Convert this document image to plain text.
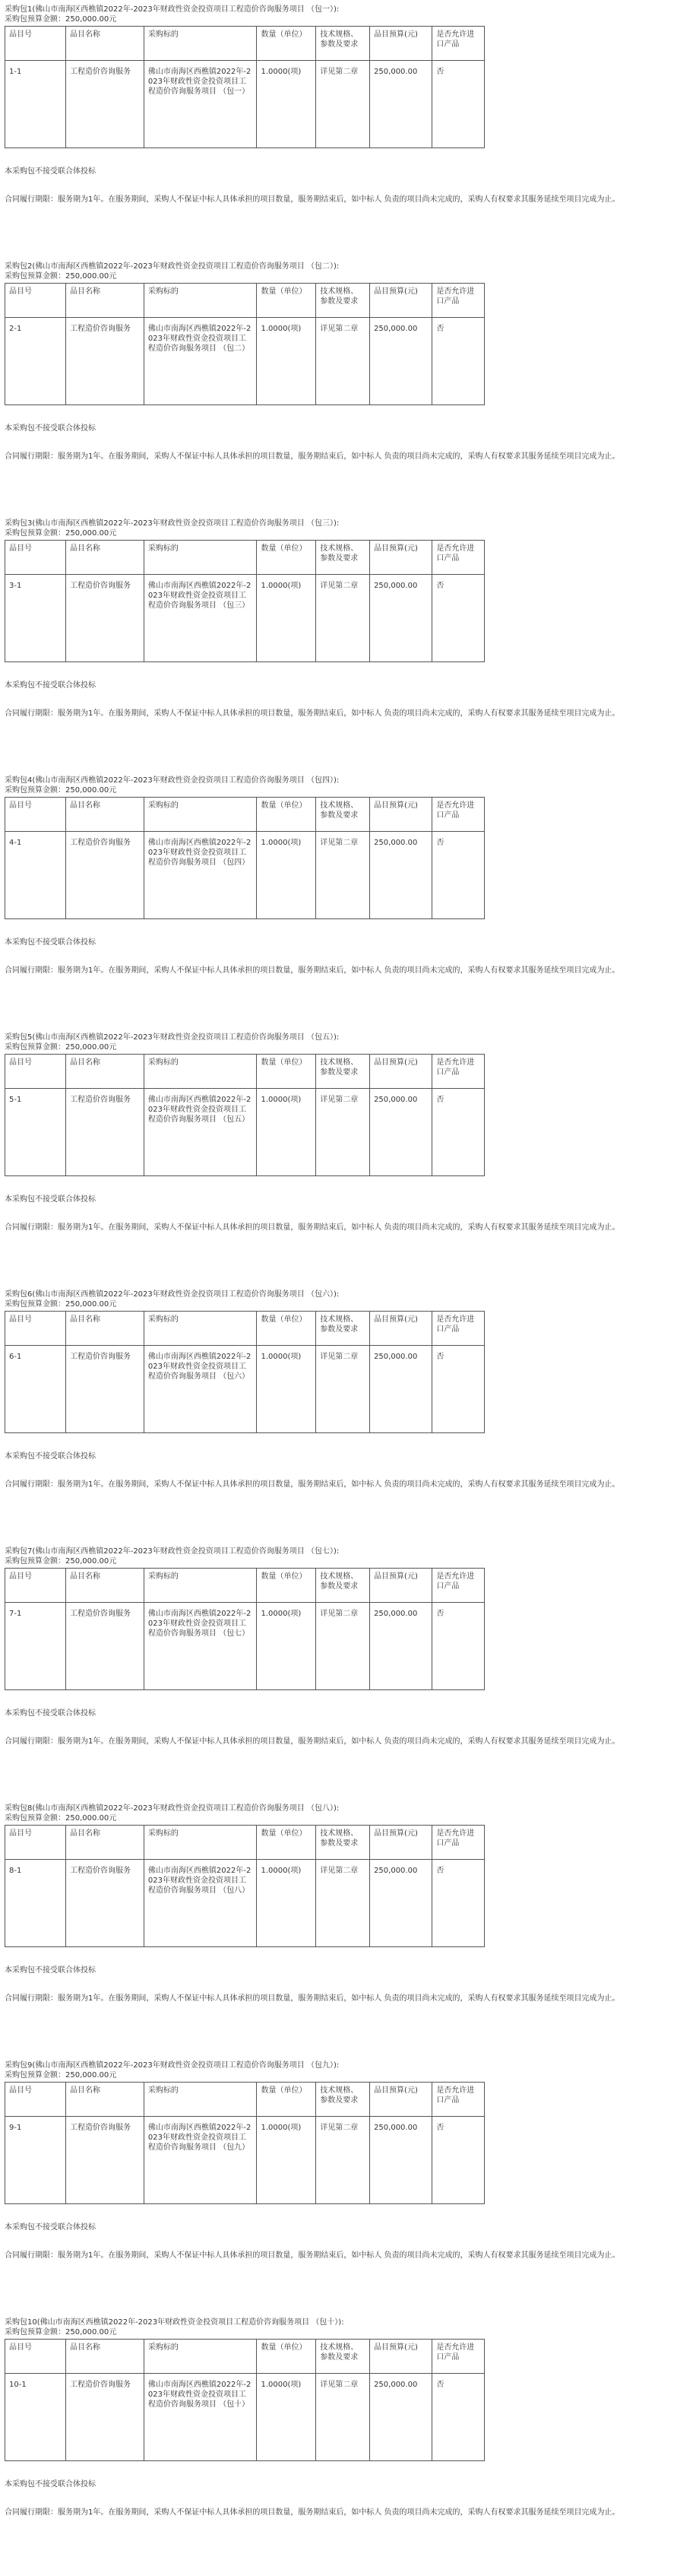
采购包1(佛山市南海区西樵镇2022年-2023年财政性资金投资项目工程造价咨询服务项目 （包一）):
采购包预算金额：250,000.00元
品目号	品目名称	采购标的	数量（单位）	技术规格、参数及要求	品目预算(元)	是否允许进口产品
1-1	工程造价咨询服务	佛山市南海区西樵镇2022年-2023年财政性资金投资项目工程造价咨询服务项目 （包一）	1.0000(项)	详见第二章	250,000.00	否
本采购包不接受联合体投标
合同履行期限：服务期为1年。在服务期间，采购人不保证中标人具体承担的项目数量，服务期结束后，如中标人 负责的项目尚未完成的，采购人有权要求其服务延续至项目完成为止。
采购包2(佛山市南海区西樵镇2022年-2023年财政性资金投资项目工程造价咨询服务项目 （包二）):
采购包预算金额：250,000.00元
品目号	品目名称	采购标的	数量（单位）	技术规格、参数及要求	品目预算(元)	是否允许进口产品
2-1	工程造价咨询服务	佛山市南海区西樵镇2022年-2023年财政性资金投资项目工程造价咨询服务项目 （包二）	1.0000(项)	详见第二章	250,000.00	否
本采购包不接受联合体投标
合同履行期限：服务期为1年。在服务期间，采购人不保证中标人具体承担的项目数量，服务期结束后，如中标人 负责的项目尚未完成的，采购人有权要求其服务延续至项目完成为止。
采购包3(佛山市南海区西樵镇2022年-2023年财政性资金投资项目工程造价咨询服务项目 （包三）):
采购包预算金额：250,000.00元
品目号	品目名称	采购标的	数量（单位）	技术规格、参数及要求	品目预算(元)	是否允许进口产品
3-1	工程造价咨询服务	佛山市南海区西樵镇2022年-2023年财政性资金投资项目工程造价咨询服务项目 （包三）	1.0000(项)	详见第二章	250,000.00	否
本采购包不接受联合体投标
合同履行期限：服务期为1年。在服务期间，采购人不保证中标人具体承担的项目数量，服务期结束后，如中标人 负责的项目尚未完成的，采购人有权要求其服务延续至项目完成为止。
采购包4(佛山市南海区西樵镇2022年-2023年财政性资金投资项目工程造价咨询服务项目 （包四）):
采购包预算金额：250,000.00元
品目号	品目名称	采购标的	数量（单位）	技术规格、参数及要求	品目预算(元)	是否允许进口产品
4-1	工程造价咨询服务	佛山市南海区西樵镇2022年-2023年财政性资金投资项目工程造价咨询服务项目 （包四）	1.0000(项)	详见第二章	250,000.00	否
本采购包不接受联合体投标
合同履行期限：服务期为1年。在服务期间，采购人不保证中标人具体承担的项目数量，服务期结束后，如中标人 负责的项目尚未完成的，采购人有权要求其服务延续至项目完成为止。
采购包5(佛山市南海区西樵镇2022年-2023年财政性资金投资项目工程造价咨询服务项目 （包五）):
采购包预算金额：250,000.00元
品目号	品目名称	采购标的	数量（单位）	技术规格、参数及要求	品目预算(元)	是否允许进口产品
5-1	工程造价咨询服务	佛山市南海区西樵镇2022年-2023年财政性资金投资项目工程造价咨询服务项目 （包五）	1.0000(项)	详见第二章	250,000.00	否
本采购包不接受联合体投标
合同履行期限：服务期为1年。在服务期间，采购人不保证中标人具体承担的项目数量，服务期结束后，如中标人 负责的项目尚未完成的，采购人有权要求其服务延续至项目完成为止。
采购包6(佛山市南海区西樵镇2022年-2023年财政性资金投资项目工程造价咨询服务项目 （包六）):
采购包预算金额：250,000.00元
品目号	品目名称	采购标的	数量（单位）	技术规格、参数及要求	品目预算(元)	是否允许进口产品
6-1	工程造价咨询服务	佛山市南海区西樵镇2022年-2023年财政性资金投资项目工程造价咨询服务项目 （包六）	1.0000(项)	详见第二章	250,000.00	否
本采购包不接受联合体投标
合同履行期限：服务期为1年。在服务期间，采购人不保证中标人具体承担的项目数量，服务期结束后，如中标人 负责的项目尚未完成的，采购人有权要求其服务延续至项目完成为止。
采购包7(佛山市南海区西樵镇2022年-2023年财政性资金投资项目工程造价咨询服务项目 （包七）):
采购包预算金额：250,000.00元
品目号	品目名称	采购标的	数量（单位）	技术规格、参数及要求	品目预算(元)	是否允许进口产品
7-1	工程造价咨询服务	佛山市南海区西樵镇2022年-2023年财政性资金投资项目工程造价咨询服务项目 （包七）	1.0000(项)	详见第二章	250,000.00	否
本采购包不接受联合体投标
合同履行期限：服务期为1年。在服务期间，采购人不保证中标人具体承担的项目数量，服务期结束后，如中标人 负责的项目尚未完成的，采购人有权要求其服务延续至项目完成为止。
采购包8(佛山市南海区西樵镇2022年-2023年财政性资金投资项目工程造价咨询服务项目 （包八）):
采购包预算金额：250,000.00元
品目号	品目名称	采购标的	数量（单位）	技术规格、参数及要求	品目预算(元)	是否允许进口产品
8-1	工程造价咨询服务	佛山市南海区西樵镇2022年-2023年财政性资金投资项目工程造价咨询服务项目 （包八）	1.0000(项)	详见第二章	250,000.00	否
本采购包不接受联合体投标
合同履行期限：服务期为1年。在服务期间，采购人不保证中标人具体承担的项目数量，服务期结束后，如中标人 负责的项目尚未完成的，采购人有权要求其服务延续至项目完成为止。
采购包9(佛山市南海区西樵镇2022年-2023年财政性资金投资项目工程造价咨询服务项目 （包九）):
采购包预算金额：250,000.00元
品目号	品目名称	采购标的	数量（单位）	技术规格、参数及要求	品目预算(元)	是否允许进口产品
9-1	工程造价咨询服务	佛山市南海区西樵镇2022年-2023年财政性资金投资项目工程造价咨询服务项目 （包九）	1.0000(项)	详见第二章	250,000.00	否
本采购包不接受联合体投标
合同履行期限：服务期为1年。在服务期间，采购人不保证中标人具体承担的项目数量，服务期结束后，如中标人 负责的项目尚未完成的，采购人有权要求其服务延续至项目完成为止。
采购包10(佛山市南海区西樵镇2022年-2023年财政性资金投资项目工程造价咨询服务项目 （包十）):
采购包预算金额：250,000.00元
品目号	品目名称	采购标的	数量（单位）	技术规格、参数及要求	品目预算(元)	是否允许进口产品
10-1	工程造价咨询服务	佛山市南海区西樵镇2022年-2023年财政性资金投资项目工程造价咨询服务项目 （包十）	1.0000(项)	详见第二章	250,000.00	否
本采购包不接受联合体投标
合同履行期限：服务期为1年。在服务期间，采购人不保证中标人具体承担的项目数量，服务期结束后，如中标人 负责的项目尚未完成的，采购人有权要求其服务延续至项目完成为止。
